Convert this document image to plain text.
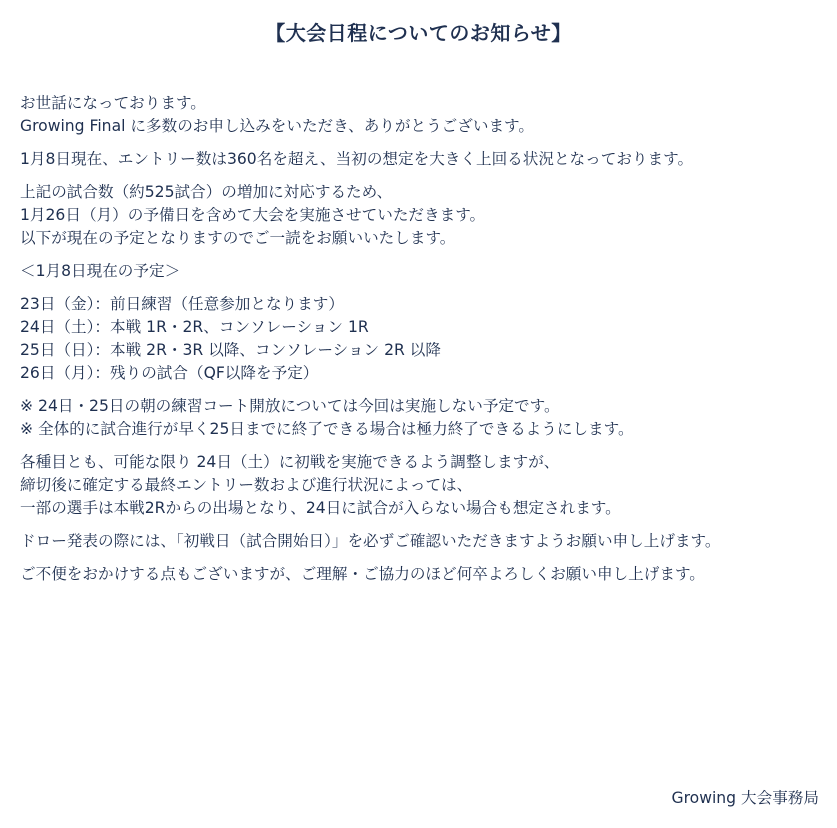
【大会日程についてのお知らせ】
お世話になっております。
Growing Final に多数のお申し込みをいただき、ありがとうございます。
1月8日現在、エントリー数は360名を超え、当初の想定を大きく上回る状況となっております。
上記の試合数（約525試合）の増加に対応するため、
1月26日（月）の予備日を含めて大会を実施させていただきます。
以下が現在の予定となりますのでご一読をお願いいたします。
＜1月8日現在の予定＞
23日（金）：前日練習（任意参加となります）
24日（土）：本戦 1R・2R、コンソレーション 1R
25日（日）：本戦 2R・3R 以降、コンソレーション 2R 以降
26日（月）：残りの試合（QF以降を予定）
※ 24日・25日の朝の練習コート開放については今回は実施しない予定です。
※ 全体的に試合進行が早く25日までに終了できる場合は極力終了できるようにします。
各種目とも、可能な限り 24日（土）に初戦を実施できるよう調整しますが、
締切後に確定する最終エントリー数および進行状況によっては、
一部の選手は本戦2Rからの出場となり、24日に試合が入らない場合も想定されます。
ドロー発表の際には、「初戦日（試合開始日）」を必ずご確認いただきますようお願い申し上げます。
ご不便をおかけする点もございますが、ご理解・ご協力のほど何卒よろしくお願い申し上げます。
Growing 大会事務局
